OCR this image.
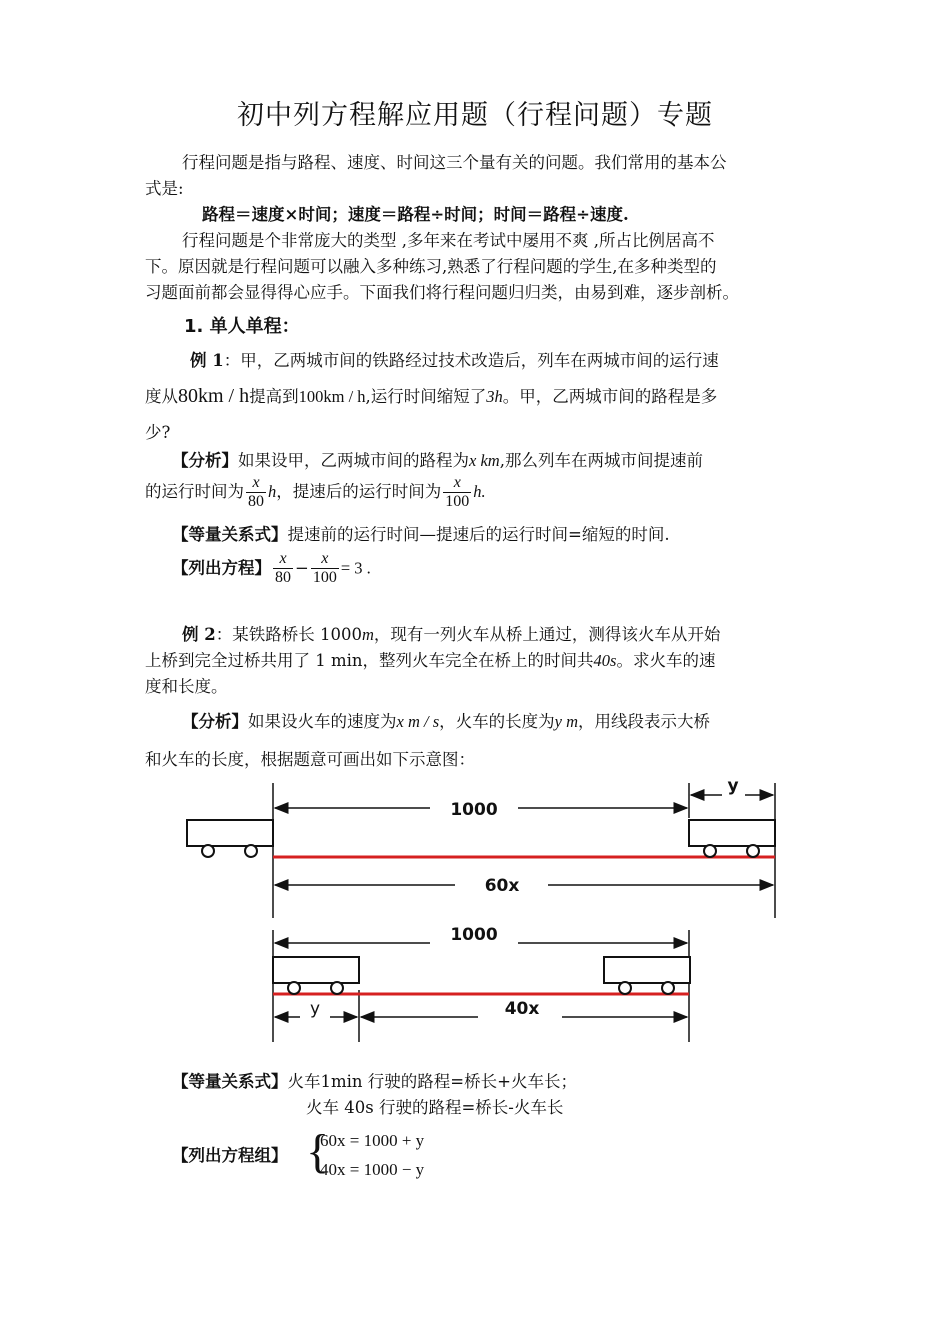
初中列方程解应用题（行程问题）专题
行程问题是指与路程、速度、时间这三个量有关的问题。我们常用的基本公
式是:
路程＝速度×时间；速度＝路程÷时间；时间＝路程÷速度.
行程问题是个非常庞大的类型 ,多年来在考试中屡用不爽 ,所占比例居高不
下。原因就是行程问题可以融入多种练习,熟悉了行程问题的学生,在多种类型的
习题面前都会显得得心应手。下面我们将行程问题归归类，由易到难，逐步剖析。
1. 单人单程：
例 1：甲，乙两城市间的铁路经过技术改造后，列车在两城市间的运行速
度从80km / h提高到100km / h,运行时间缩短了3h。甲，乙两城市间的路程是多
少?
【分析】如果设甲，乙两城市间的路程为x km,那么列车在两城市间提速前
的运行时间为 $\frac{x}{80}$ h，提速后的运行时间为 $\frac{x}{100} h$.
【等量关系式】提速前的运行时间—提速后的运行时间=缩短的时间.
【列出方程】 $\frac{x}{80} - \frac{x}{100} = 3$ .
例 2：某铁路桥长 1000m，现有一列火车从桥上通过，测得该火车从开始
上桥到完全过桥共用了 1 min，整列火车完全在桥上的时间共40s。求火车的速
度和长度。
【分析】如果设火车的速度为x m / s，火车的长度为y m，用线段表示大桥
和火车的长度，根据题意可画出如下示意图：
1000
y
60x
1000
y	40x
【等量关系式】火车1min 行驶的路程=桥长+火车长；
火车 40s 行驶的路程=桥长-火车长
【列出方程组】 {
60x = 1000 + y
40x = 1000 − y
